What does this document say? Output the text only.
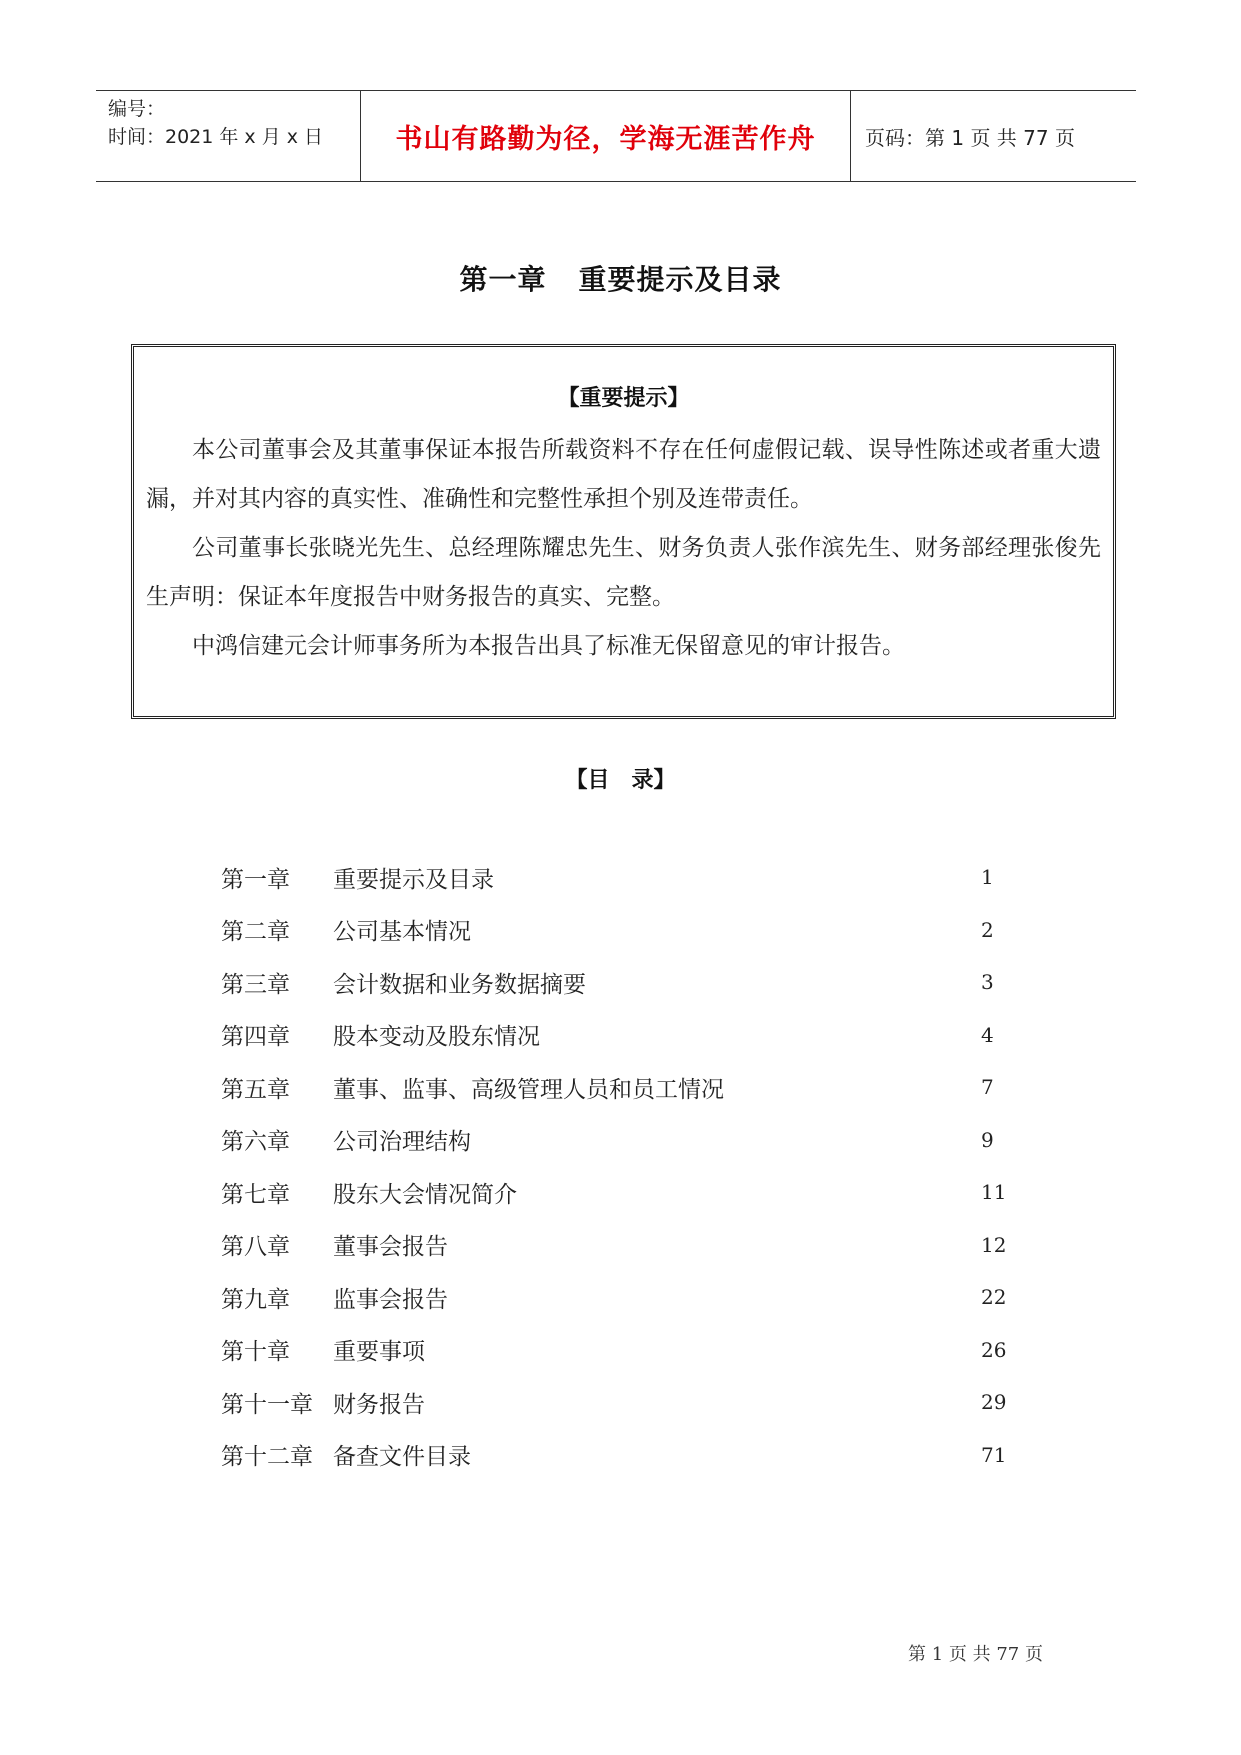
编号：
时间：2021 年 x 月 x 日	书山有路勤为径，学海无涯苦作舟	页码：第 1 页 共 77 页
第一章 重要提示及目录
【重要提示】

本公司董事会及其董事保证本报告所载资料不存在任何虚假记载、误导性陈述或者重大遗漏，并对其内容的真实性、准确性和完整性承担个别及连带责任。

公司董事长张晓光先生、总经理陈耀忠先生、财务负责人张作滨先生、财务部经理张俊先生声明：保证本年度报告中财务报告的真实、完整。

中鸿信建元会计师事务所为本报告出具了标准无保留意见的审计报告。

【目　录】
第一章	重要提示及目录	1
第二章	公司基本情况	2
第三章	会计数据和业务数据摘要	3
第四章	股本变动及股东情况	4
第五章	董事、监事、高级管理人员和员工情况	7
第六章	公司治理结构	9
第七章	股东大会情况简介	11
第八章	董事会报告	12
第九章	监事会报告	22
第十章	重要事项	26
第十一章 财务报告	29
第十二章 备查文件目录	71
第 1 页 共 77 页
